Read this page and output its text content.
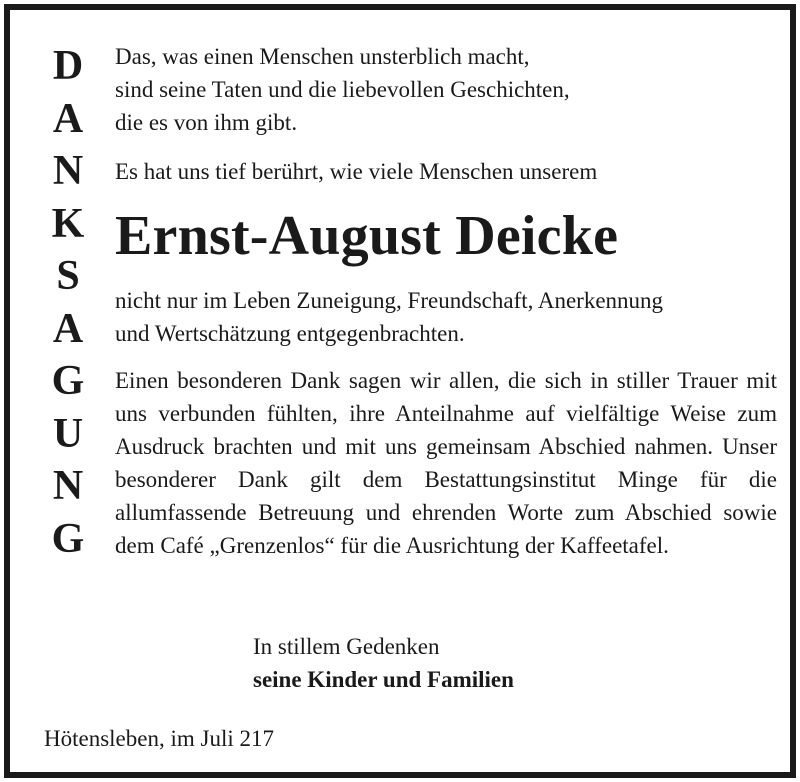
D
A
N
K
S
A
G
U
N
G

Das, was einen Menschen unsterblich macht,
sind seine Taten und die liebevollen Geschichten,
die es von ihm gibt.

Es hat uns tief berührt, wie viele Menschen unserem

Ernst-August Deicke

nicht nur im Leben Zuneigung, Freundschaft, Anerkennung
und Wertschätzung entgegenbrachten.

Einen besonderen Dank sagen wir allen, die sich in stiller Trauer mit uns verbunden fühlten, ihre Anteilnahme auf vielfältige Weise zum Ausdruck brachten und mit uns gemeinsam Abschied nahmen. Unser besonderer Dank gilt dem Bestattungsinstitut Minge für die allumfassende Betreuung und ehrenden Worte zum Abschied sowie dem Café „Grenzenlos“ für die Ausrichtung der Kaffeetafel.

In stillem Gedenken
seine Kinder und Familien
Hötensleben, im Juli 217
